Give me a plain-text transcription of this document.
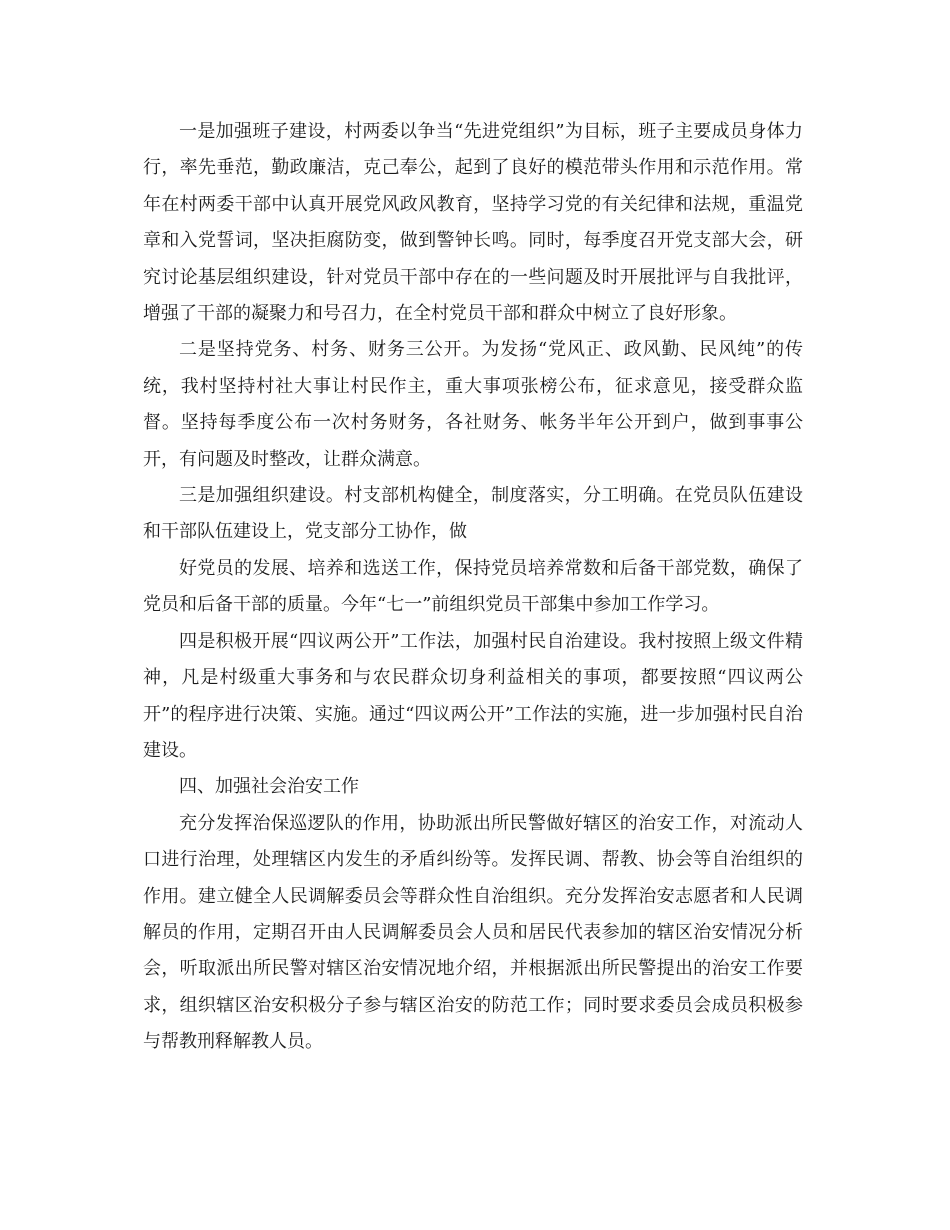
一是加强班子建设，村两委以争当“先进党组织”为目标，班子主要成员身体力行，率先垂范，勤政廉洁，克己奉公，起到了良好的模范带头作用和示范作用。常年在村两委干部中认真开展党风政风教育，坚持学习党的有关纪律和法规，重温党章和入党誓词，坚决拒腐防变，做到警钟长鸣。同时，每季度召开党支部大会，研究讨论基层组织建设，针对党员干部中存在的一些问题及时开展批评与自我批评，增强了干部的凝聚力和号召力，在全村党员干部和群众中树立了良好形象。

二是坚持党务、村务、财务三公开。为发扬“党风正、政风勤、民风纯”的传统，我村坚持村社大事让村民作主，重大事项张榜公布，征求意见，接受群众监督。坚持每季度公布一次村务财务，各社财务、帐务半年公开到户，做到事事公开，有问题及时整改，让群众满意。

三是加强组织建设。村支部机构健全，制度落实，分工明确。在党员队伍建设和干部队伍建设上，党支部分工协作，做

好党员的发展、培养和选送工作，保持党员培养常数和后备干部党数，确保了党员和后备干部的质量。今年“七一”前组织党员干部集中参加工作学习。

四是积极开展“四议两公开”工作法，加强村民自治建设。我村按照上级文件精神，凡是村级重大事务和与农民群众切身利益相关的事项，都要按照“四议两公开”的程序进行决策、实施。通过“四议两公开”工作法的实施，进一步加强村民自治建设。

四、加强社会治安工作

充分发挥治保巡逻队的作用，协助派出所民警做好辖区的治安工作，对流动人口进行治理，处理辖区内发生的矛盾纠纷等。发挥民调、帮教、协会等自治组织的作用。建立健全人民调解委员会等群众性自治组织。充分发挥治安志愿者和人民调解员的作用，定期召开由人民调解委员会人员和居民代表参加的辖区治安情况分析会，听取派出所民警对辖区治安情况地介绍，并根据派出所民警提出的治安工作要求，组织辖区治安积极分子参与辖区治安的防范工作；同时要求委员会成员积极参与帮教刑释解教人员。
